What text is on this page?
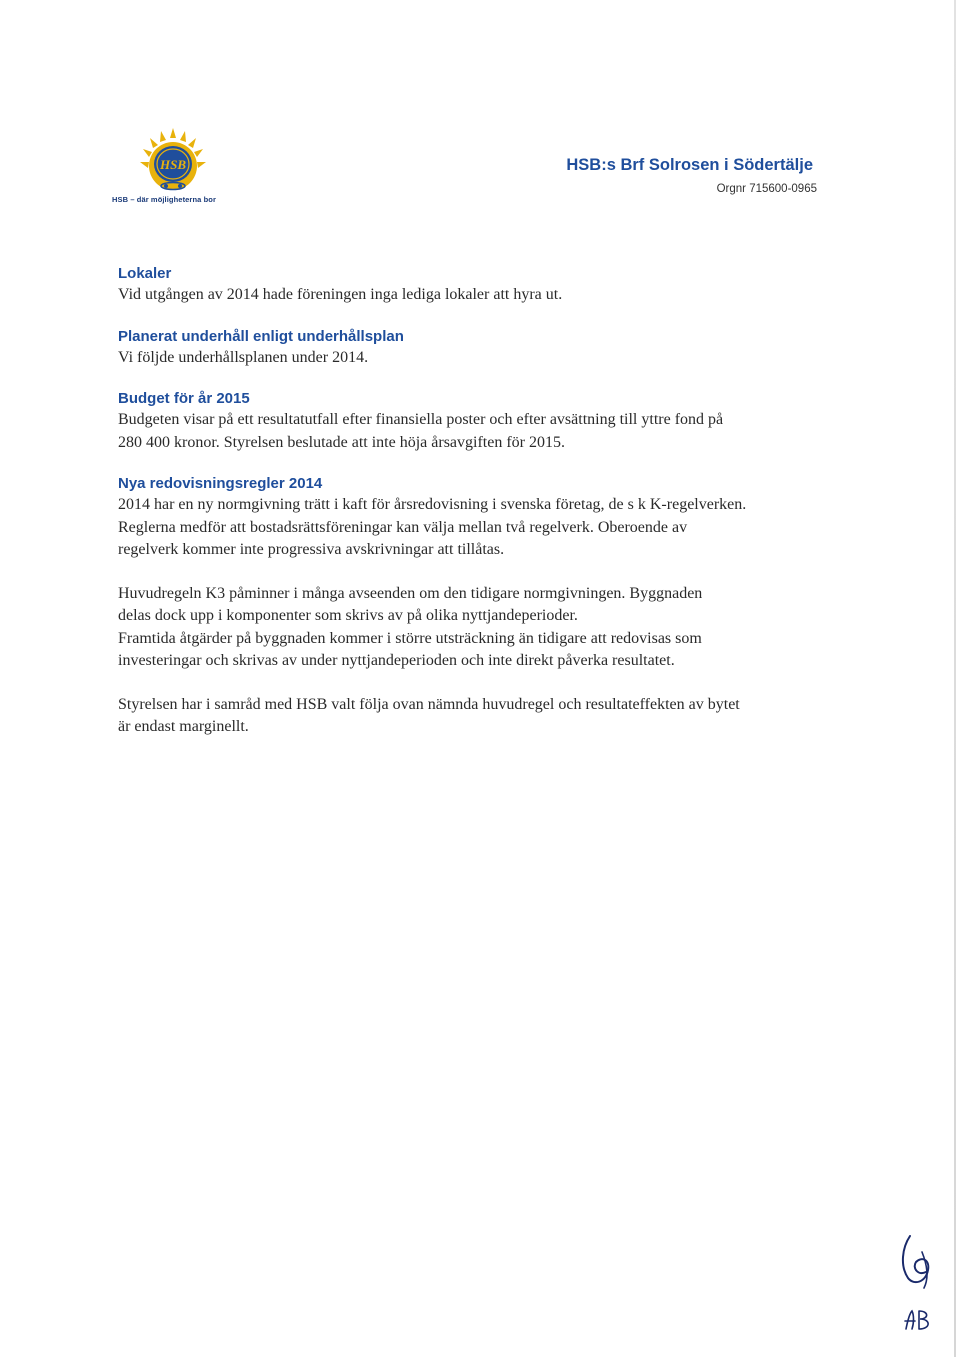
HSB
HSB – där möjligheterna bor
HSB:s Brf Solrosen i Södertälje
Orgnr 715600-0965
Lokaler

Vid utgången av 2014 hade föreningen inga lediga lokaler att hyra ut.

Planerat underhåll enligt underhållsplan

Vi följde underhållsplanen under 2014.

Budget för år 2015

Budgeten visar på ett resultatutfall efter finansiella poster och efter avsättning till yttre fond på

280 400 kronor. Styrelsen beslutade att inte höja årsavgiften för 2015.

Nya redovisningsregler 2014

2014 har en ny normgivning trätt i kaft för årsredovisning i svenska företag, de s k K-regelverken.

Reglerna medför att bostadsrättsföreningar kan välja mellan två regelverk. Oberoende av

regelverk kommer inte progressiva avskrivningar att tillåtas.

Huvudregeln K3 påminner i många avseenden om den tidigare normgivningen. Byggnaden

delas dock upp i komponenter som skrivs av på olika nyttjandeperioder.

Framtida åtgärder på byggnaden kommer i större utsträckning än tidigare att redovisas som

investeringar och skrivas av under nyttjandeperioden och inte direkt påverka resultatet.

Styrelsen har i samråd med HSB valt följa ovan nämnda huvudregel och resultateffekten av bytet

är endast marginellt.
